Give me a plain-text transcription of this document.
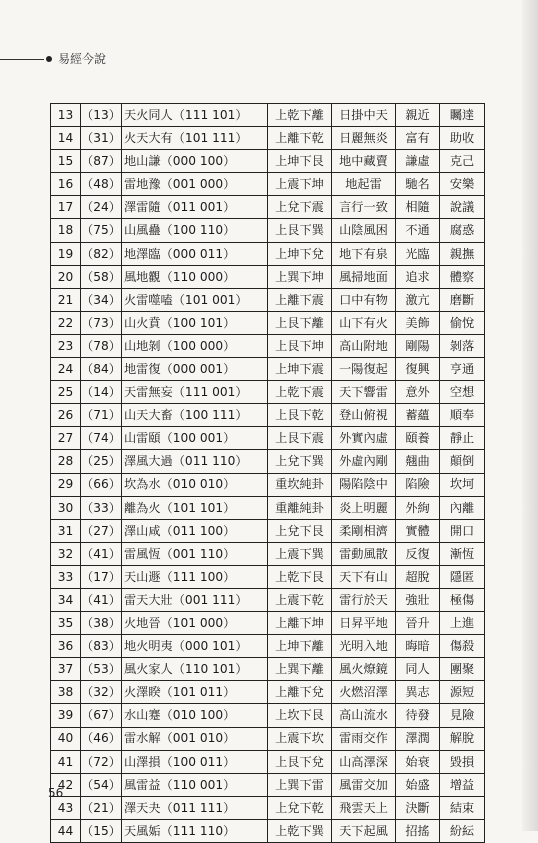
易經今說
13	（13）	天火同人（111 101）	上乾下離	日掛中天	親近	矚達
14	（31）	火天大有（101 111）	上離下乾	日麗無炎	富有	助收
15	（87）	地山謙（000 100）	上坤下艮	地中藏賣	謙虛	克己
16	（48）	雷地豫（001 000）	上震下坤	地起雷	馳名	安樂
17	（24）	澤雷隨（011 001）	上兌下震	言行一致	相隨	說議
18	（75）	山風蠱（100 110）	上艮下巽	山陰風困	不通	腐惑
19	（82）	地澤臨（000 011）	上坤下兌	地下有泉	光臨	親撫
20	（58）	風地觀（110 000）	上巽下坤	風掃地面	追求	體察
21	（34）	火雷噬嗑（101 001）	上離下震	口中有物	激亢	磨斷
22	（73）	山火賁（100 101）	上艮下離	山下有火	美飾	偷悅
23	（78）	山地剝（100 000）	上艮下坤	高山附地	剛陽	剝落
24	（84）	地雷復（000 001）	上坤下震	一陽復起	復興	亨通
25	（14）	天雷無妄（111 001）	上乾下震	天下響雷	意外	空想
26	（71）	山天大畜（100 111）	上艮下乾	登山俯視	蓄蘊	順奉
27	（74）	山雷頤（100 001）	上艮下震	外實內虛	頤養	靜止
28	（25）	澤風大過（011 110）	上兌下巽	外虛內剛	翹曲	顛倒
29	（66）	坎為水（010 010）	重坎純卦	陽陷陰中	陷險	坎坷
30	（33）	離為火（101 101）	重離純卦	炎上明麗	外絢	內離
31	（27）	澤山咸（011 100）	上兌下艮	柔剛相濟	實體	開口
32	（41）	雷風恆（001 110）	上震下巽	雷動風散	反復	漸恆
33	（17）	天山遯（111 100）	上乾下艮	天下有山	超脫	隱匿
34	（41）	雷天大壯（001 111）	上震下乾	雷行於天	強壯	極傷
35	（38）	火地晉（101 000）	上離下坤	日昇平地	晉升	上進
36	（83）	地火明夷（000 101）	上坤下離	光明入地	晦暗	傷殺
37	（53）	風火家人（110 101）	上巽下離	風火燎鏡	同人	團聚
38	（32）	火澤睽（101 011）	上離下兌	火燃沼澤	異志	源短
39	（67）	水山蹇（010 100）	上坎下艮	高山流水	待發	見險
40	（46）	雷水解（001 010）	上震下坎	雷雨交作	澤潤	解脫
41	（72）	山澤損（100 011）	上艮下兌	山高澤深	始衰	毀損
42	（54）	風雷益（110 001）	上巽下雷	風雷交加	始盛	增益
43	（21）	澤天夬（011 111）	上兌下乾	飛雲天上	決斷	結束
44	（15）	天風姤（111 110）	上乾下巽	天下起風	招搖	紛紜
56
